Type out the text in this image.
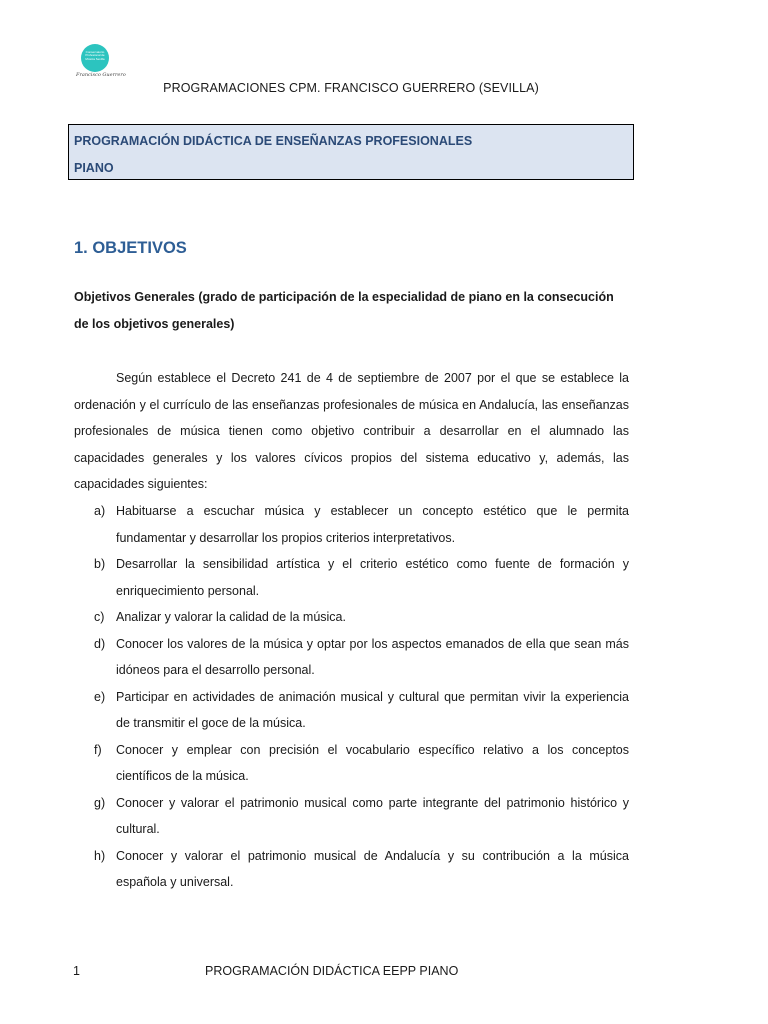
Conservatorio Profesional de Música Sevilla
Francisco Guerrero
PROGRAMACIONES CPM. FRANCISCO GUERRERO (SEVILLA)
PROGRAMACIÓN DIDÁCTICA DE ENSEÑANZAS PROFESIONALES
PIANO
1. OBJETIVOS

Objetivos Generales (grado de participación de la especialidad de piano en la consecución de los objetivos generales)

Según establece el Decreto 241 de 4 de septiembre de 2007 por el que se establece la ordenación y el currículo de las enseñanzas profesionales de música en Andalucía, las enseñanzas profesionales de música tienen como objetivo contribuir a desarrollar en el alumnado las capacidades generales y los valores cívicos propios del sistema educativo y, además, las capacidades siguientes:

a) Habituarse a escuchar música y establecer un concepto estético que le permita fundamentar y desarrollar los propios criterios interpretativos.
b) Desarrollar la sensibilidad artística y el criterio estético como fuente de formación y enriquecimiento personal.
c) Analizar y valorar la calidad de la música.
d) Conocer los valores de la música y optar por los aspectos emanados de ella que sean más idóneos para el desarrollo personal.
e) Participar en actividades de animación musical y cultural que permitan vivir la experiencia de transmitir el goce de la música.
f) Conocer y emplear con precisión el vocabulario específico relativo a los conceptos científicos de la música.
g) Conocer y valorar el patrimonio musical como parte integrante del patrimonio histórico y cultural.
h) Conocer y valorar el patrimonio musical de Andalucía y su contribución a la música española y universal.
1	PROGRAMACIÓN DIDÁCTICA EEPP PIANO
